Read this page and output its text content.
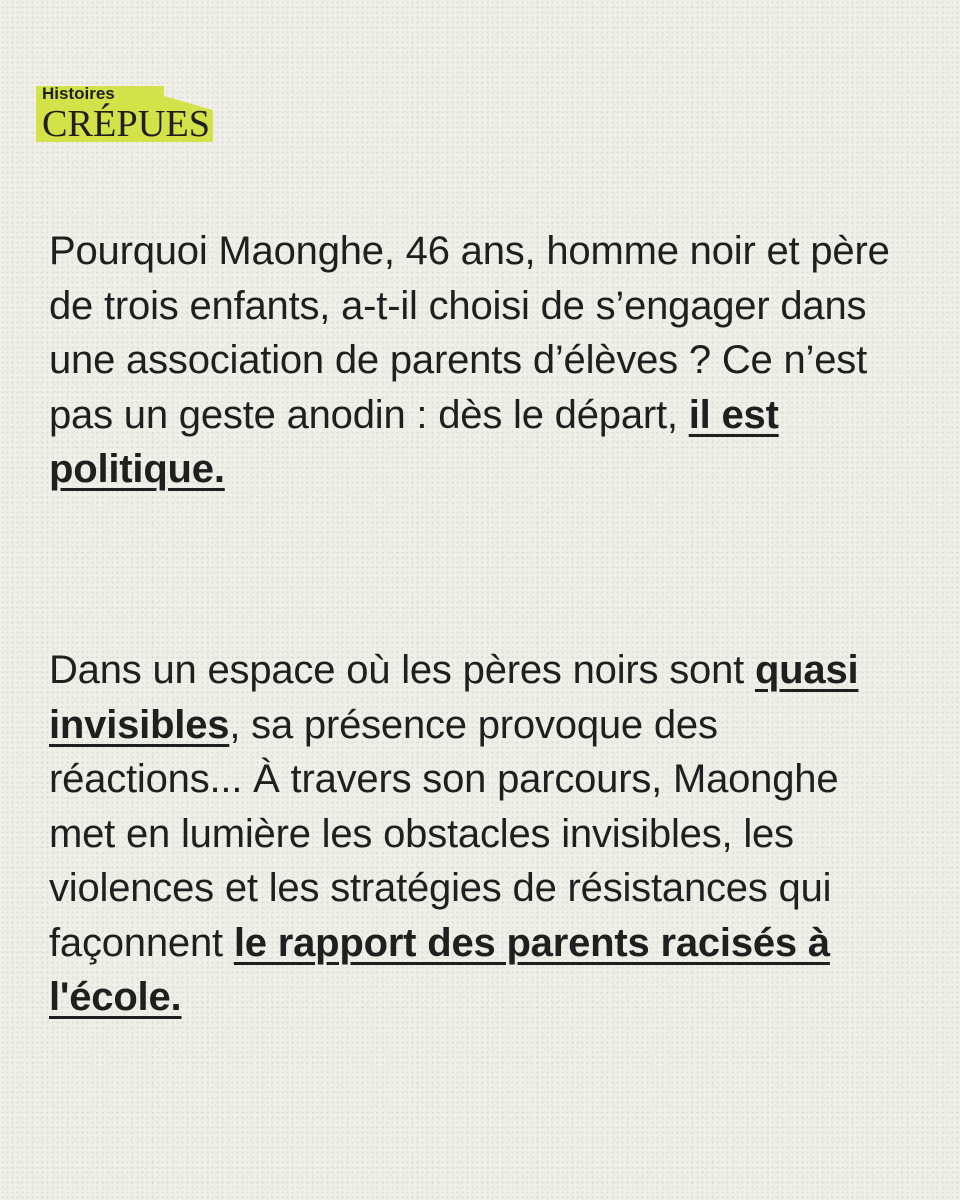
Histoires
CRÉPUES

Pourquoi Maonghe, 46 ans, homme noir et père de trois enfants, a-t-il choisi de s’engager dans une association de parents d’élèves ? Ce n’est pas un geste anodin : dès le départ, il est politique.

Dans un espace où les pères noirs sont quasi invisibles, sa présence provoque des réactions... À travers son parcours, Maonghe met en lumière les obstacles invisibles, les violences et les stratégies de résistances qui façonnent le rapport des parents racisés à l'école.
